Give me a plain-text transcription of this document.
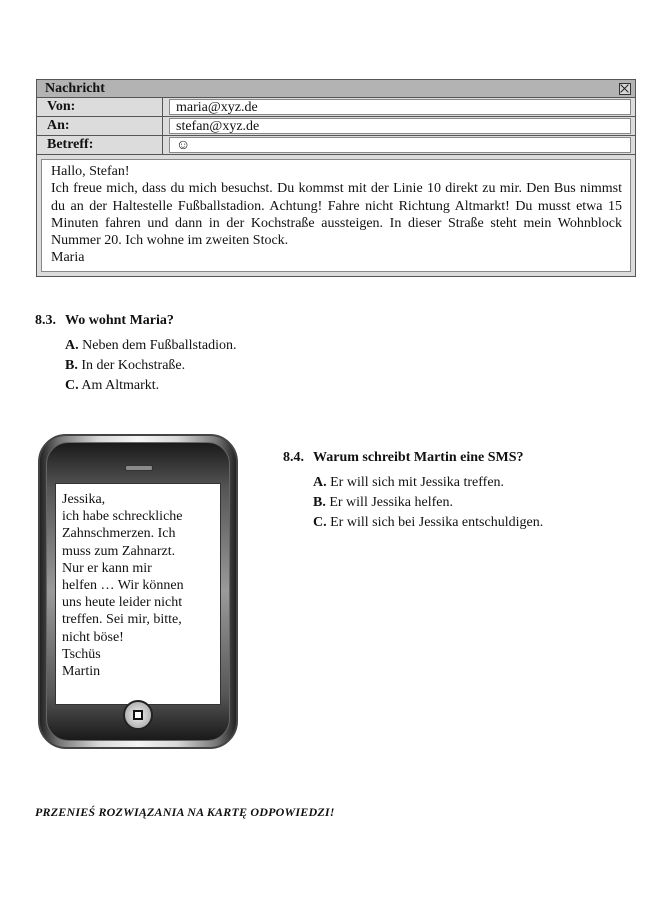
Nachricht
Von:	maria@xyz.de
An:	stefan@xyz.de
Betreff:	☺

Hallo, Stefan!

Ich freue mich, dass du mich besuchst. Du kommst mit der Linie 10 direkt zu mir. Den Bus nimmst du an der Haltestelle Fußballstadion. Achtung! Fahre nicht Richtung Altmarkt! Du musst etwa 15 Minuten fahren und dann in der Kochstraße aussteigen. In dieser Straße steht mein Wohnblock Nummer 20. Ich wohne im zweiten Stock.

Maria

8.3. Wo wohnt Maria?
A. Neben dem Fußballstadion.
B. In der Kochstraße.
C. Am Altmarkt.
Jessika,
ich habe schreckliche
Zahnschmerzen. Ich
muss zum Zahnarzt.
Nur er kann mir
helfen … Wir können
uns heute leider nicht
treffen. Sei mir, bitte,
nicht böse!
Tschüs
Martin
8.4. Warum schreibt Martin eine SMS?
A. Er will sich mit Jessika treffen.
B. Er will Jessika helfen.
C. Er will sich bei Jessika entschuldigen.
PRZENIEŚ ROZWIĄZANIA NA KARTĘ ODPOWIEDZI!
